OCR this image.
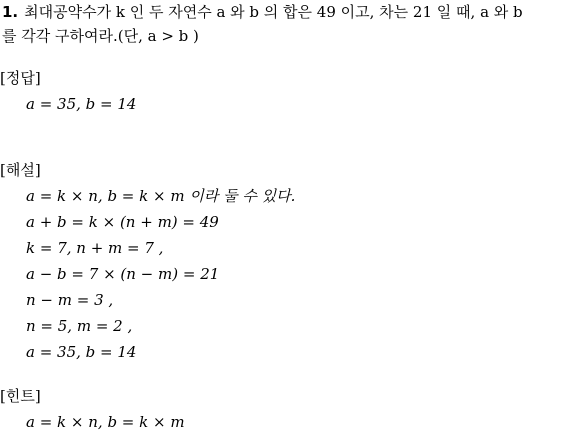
1. 최대공약수가 k 인 두 자연수 a 와 b 의 합은 49 이고, 차는 21 일 때, a 와 b
를 각각 구하여라.(단, a > b )
[정답]
a = 35, b = 14
[해설]
a = k × n, b = k × m 이라 둘 수 있다.
a + b = k × (n + m) = 49
k = 7, n + m = 7 ,
a − b = 7 × (n − m) = 21
n − m = 3 ,
n = 5, m = 2 ,
a = 35, b = 14
[힌트]
a = k × n, b = k × m
